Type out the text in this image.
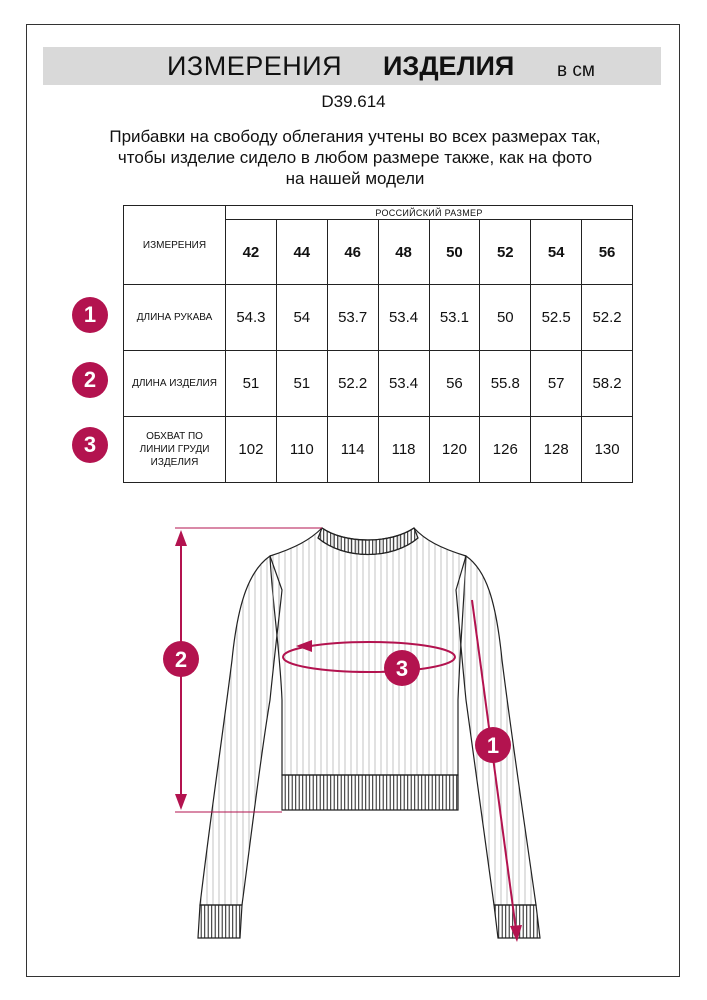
ИЗМЕРЕНИЯ ИЗДЕЛИЯ в см
D39.614
Прибавки на свободу облегания учтены во всех размерах так,
чтобы изделие сидело в любом размере также, как на фото
на нашей модели
ИЗМЕРЕНИЯ	РОССИЙСКИЙ РАЗМЕР							
	42	44	46	48	50	52	54	56
ДЛИНА РУКАВА	54.3	54	53.7	53.4	53.1	50	52.5	52.2
ДЛИНА ИЗДЕЛИЯ	51	51	52.2	53.4	56	55.8	57	58.2

ОБХВАТ ПО
ЛИНИИ ГРУДИ
ИЗДЕЛИЯ	102	110	114	118	120	126	128	130
1
2
3
2	3
1
